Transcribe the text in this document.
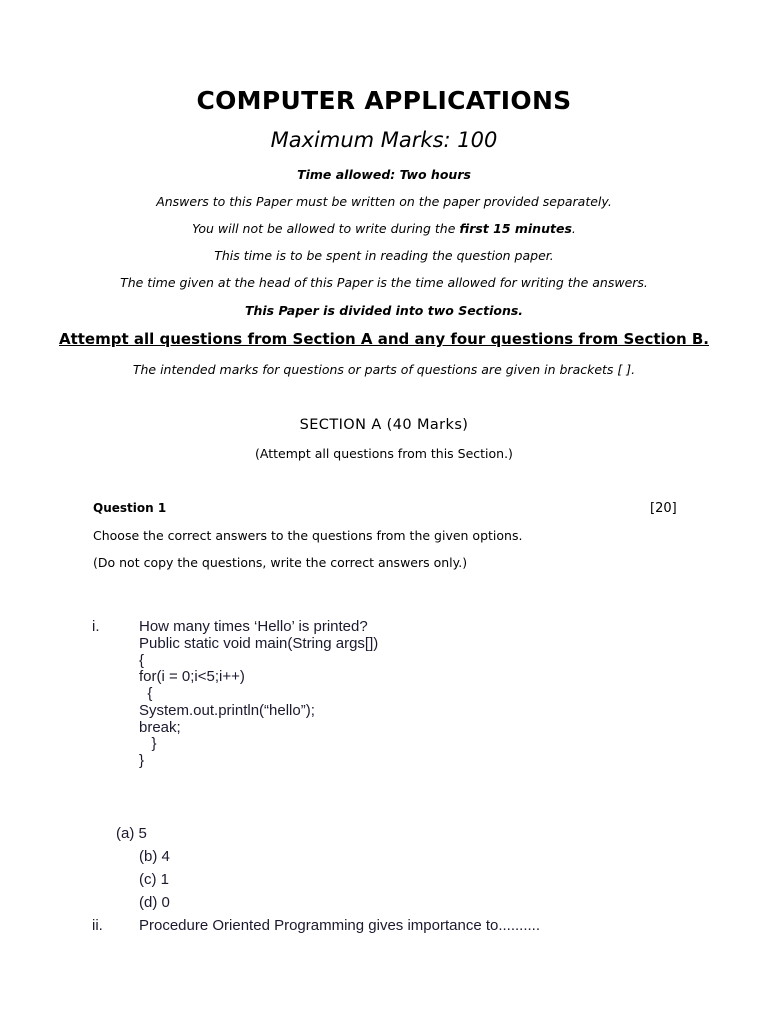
COMPUTER APPLICATIONS
Maximum Marks: 100
Time allowed: Two hours
Answers to this Paper must be written on the paper provided separately.
You will not be allowed to write during the first 15 minutes.
This time is to be spent in reading the question paper.
The time given at the head of this Paper is the time allowed for writing the answers.
This Paper is divided into two Sections.
Attempt all questions from Section A and any four questions from Section B.
The intended marks for questions or parts of questions are given in brackets [ ].
SECTION A (40 Marks)
(Attempt all questions from this Section.)
Question 1	[20]
Choose the correct answers to the questions from the given options.
(Do not copy the questions, write the correct answers only.)
i.	How many times ‘Hello’ is printed?
Public static void main(String args[])
{
for(i = 0;i<5;i++)
{
System.out.println(“hello”);
break;
}
}
(a) 5
(b) 4
(c) 1
(d) 0
ii. Procedure Oriented Programming gives importance to..........
